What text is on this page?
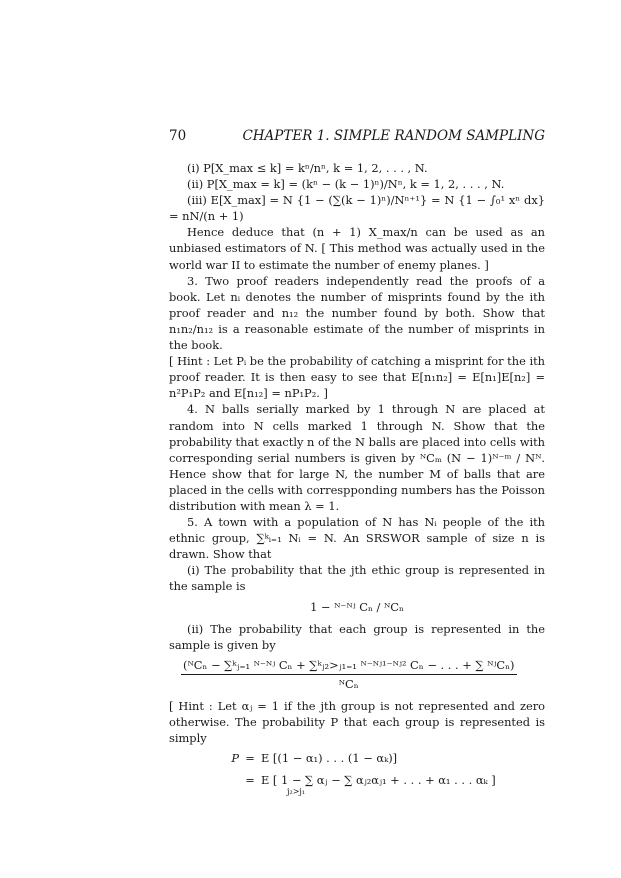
70	CHAPTER 1. SIMPLE RANDOM SAMPLING

(i) P[X_max ≤ k] = kⁿ/nⁿ, k = 1, 2, . . . , N.

(ii) P[X_max = k] = (kⁿ − (k − 1)ⁿ)/Nⁿ, k = 1, 2, . . . , N.

(iii) E[X_max] = N {1 − (∑(k − 1)ⁿ)/Nⁿ⁺¹} = N {1 − ∫₀¹ xⁿ dx} = nN/(n + 1)

Hence deduce that (n + 1) X_max/n can be used as an unbiased estimators of N. [ This method was actually used in the world war II to estimate the number of enemy planes. ]

3. Two proof readers independently read the proofs of a book. Let nᵢ denotes the number of misprints found by the ith proof reader and n₁₂ the number found by both. Show that n₁n₂/n₁₂ is a reasonable estimate of the number of misprints in the book.

[ Hint : Let Pᵢ be the probability of catching a misprint for the ith proof reader. It is then easy to see that E[n₁n₂] = E[n₁]E[n₂] = n²P₁P₂ and E[n₁₂] = nP₁P₂. ]

4. N balls serially marked by 1 through N are placed at random into N cells marked 1 through N. Show that the probability that exactly n of the N balls are placed into cells with corresponding serial numbers is given by ᴺCₘ (N − 1)ᴺ⁻ᵐ / Nᴺ. Hence show that for large N, the number M of balls that are placed in the cells with correspponding numbers has the Poisson distribution with mean λ = 1.

5. A town with a population of N has Nᵢ people of the ith ethnic group, ∑ᵏᵢ₌₁ Nᵢ = N. An SRSWOR sample of size n is drawn. Show that

(i) The probability that the jth ethic group is represented in the sample is

1 − ᴺ⁻ᴺʲ Cₙ / ᴺCₙ

(ii) The probability that each group is represented in the sample is given by

(ᴺCₙ − ∑ᵏⱼ₌₁ ᴺ⁻ᴺʲ Cₙ + ∑ᵏⱼ₂>ⱼ₁₌₁ ᴺ⁻ᴺʲ¹⁻ᴺʲ² Cₙ − . . . + ∑ ᴺʲCₙ)
ᴺCₙ

[ Hint : Let αⱼ = 1 if the jth group is not represented and zero otherwise. The probability P that each group is represented is simply

P = E [(1 − α₁) . . . (1 − αₖ)]
= E [ 1 − ∑ αⱼ − ∑ αⱼ₂αⱼ₁ + . . . + α₁ . . . αₖ ]
j₂>j₁
